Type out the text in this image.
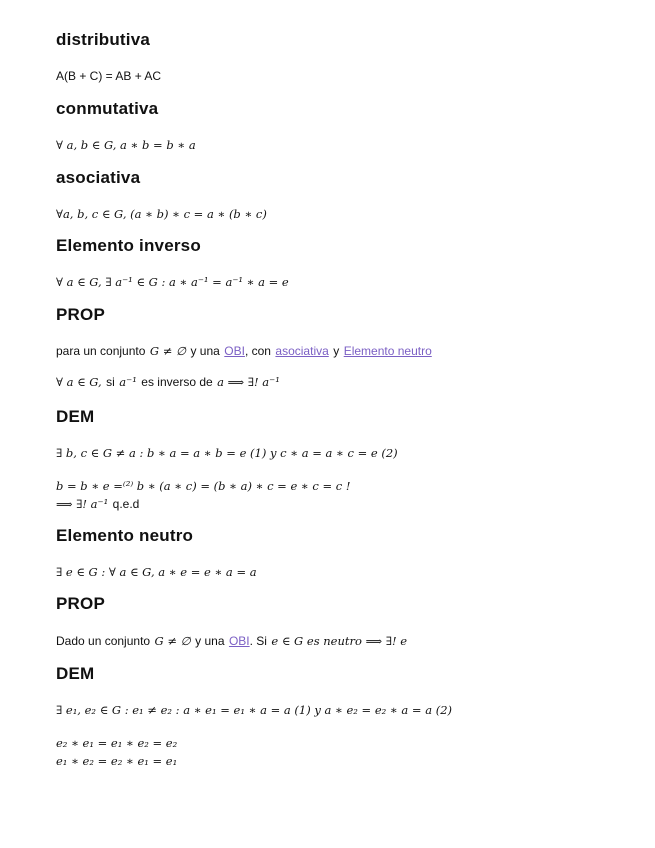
distributiva
A(B + C) = AB + AC
conmutativa
∀ a, b ∈ G, a ∗ b = b ∗ a
asociativa
∀a, b, c ∈ G, (a ∗ b) ∗ c = a ∗ (b ∗ c)
Elemento inverso
∀ a ∈ G, ∃ a⁻¹ ∈ G : a ∗ a⁻¹ = a⁻¹ ∗ a = e
PROP
para un conjunto G ≠ ∅ y una OBI, con asociativa y Elemento neutro
∀ a ∈ G, si a⁻¹ es inverso de a ⟹ ∃! a⁻¹
DEM
∃ b, c ∈ G ≠ a : b ∗ a = a ∗ b = e (1) y c ∗ a = a ∗ c = e (2)
b = b ∗ e =⁽²⁾ b ∗ (a ∗ c) = (b ∗ a) ∗ c = e ∗ c = c !
⟹ ∃! a⁻¹ q.e.d
Elemento neutro
∃ e ∈ G : ∀ a ∈ G, a ∗ e = e ∗ a = a
PROP
Dado un conjunto G ≠ ∅ y una OBI. Si e ∈ G es neutro ⟹ ∃! e
DEM
∃ e₁, e₂ ∈ G : e₁ ≠ e₂ : a ∗ e₁ = e₁ ∗ a = a (1) y a ∗ e₂ = e₂ ∗ a = a (2)
e₂ ∗ e₁ = e₁ ∗ e₂ = e₂
e₁ ∗ e₂ = e₂ ∗ e₁ = e₁
